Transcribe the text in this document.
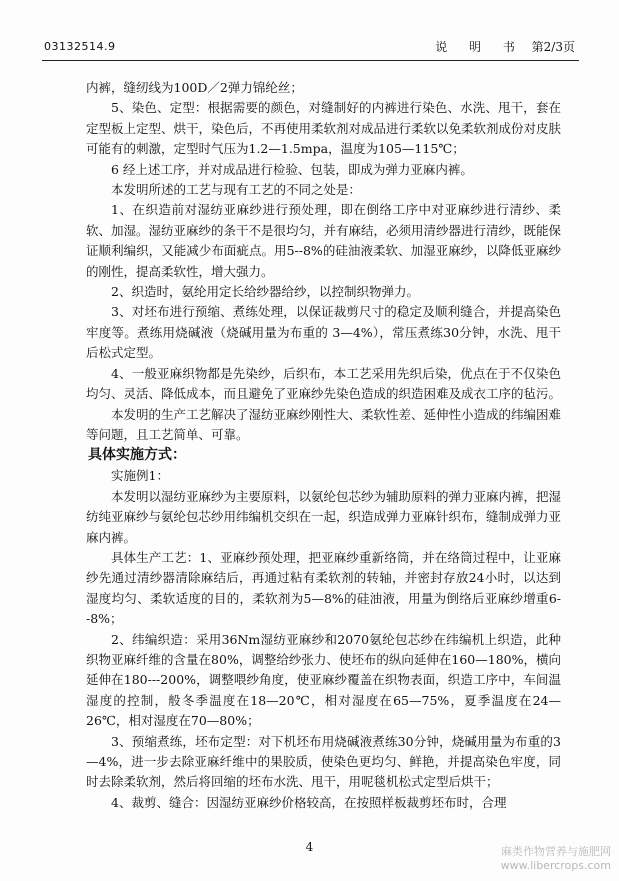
03132514.9	说 明 书 第2/3页

内裤，缝纫线为100D／2弹力锦纶丝；

5、染色、定型：根据需要的颜色，对缝制好的内裤进行染色、水洗、甩干，套在定型板上定型、烘干，染色后，不再使用柔软剂对成品进行柔软以免柔软剂成份对皮肤可能有的刺激，定型时气压为1.2—1.5mpa，温度为105—115℃；

6 经上述工序，并对成品进行检验、包装，即成为弹力亚麻内裤。

本发明所述的工艺与现有工艺的不同之处是：

1、在织造前对湿纺亚麻纱进行预处理，即在倒络工序中对亚麻纱进行清纱、柔软、加湿。湿纺亚麻纱的条干不是很均匀，并有麻结，必须用清纱器进行清纱，既能保证顺利编织，又能减少布面疵点。用5--8%的硅油液柔软、加湿亚麻纱，以降低亚麻纱的刚性，提高柔软性，增大强力。

2、织造时，氨纶用定长给纱器给纱，以控制织物弹力。

3、对坯布进行预缩、煮练处理，以保证裁剪尺寸的稳定及顺利缝合，并提高染色牢度等。煮练用烧碱液（烧碱用量为布重的 3—4%），常压煮练30分钟，水洗、甩干后松式定型。

4、一般亚麻织物都是先染纱，后织布，本工艺采用先织后染，优点在于不仅染色均匀、灵活、降低成本，而且避免了亚麻纱先染色造成的织造困难及成衣工序的毡污。

本发明的生产工艺解决了湿纺亚麻纱刚性大、柔软性差、延伸性小造成的纬编困难等问题，且工艺简单、可靠。

具体实施方式：

实施例1：

本发明以湿纺亚麻纱为主要原料，以氨纶包芯纱为辅助原料的弹力亚麻内裤，把湿纺纯亚麻纱与氨纶包芯纱用纬编机交织在一起，织造成弹力亚麻针织布，缝制成弹力亚麻内裤。

具体生产工艺：1、亚麻纱预处理，把亚麻纱重新络筒，并在络筒过程中，让亚麻纱先通过清纱器清除麻结后，再通过粘有柔软剂的转轴，并密封存放24小时，以达到湿度均匀、柔软适度的目的，柔软剂为5—8%的硅油液，用量为倒络后亚麻纱增重6--8%；

2、纬编织造：采用36Nm湿纺亚麻纱和2070氨纶包芯纱在纬编机上织造，此种织物亚麻纤维的含量在80%，调整给纱张力、使坯布的纵向延伸在160—180%，横向延伸在180---200%，调整喂纱角度，使亚麻纱覆盖在织物表面，织造工序中，车间温湿度的控制，般冬季温度在18—20℃，相对湿度在65—75%，夏季温度在24—26℃，相对湿度在70—80%；

3、预缩煮练，坯布定型：对下机坯布用烧碱液煮练30分钟，烧碱用量为布重的3—4%，进一步去除亚麻纤维中的果胶质，使染色更均匀、鲜艳，并提高染色牢度，同时去除柔软剂，然后将回缩的坯布水洗、甩干，用呢毯机松式定型后烘干；

4、裁剪、缝合：因湿纺亚麻纱价格较高，在按照样板裁剪坯布时，合理

4	麻类作物营养与施肥网
www.libercrops.com
